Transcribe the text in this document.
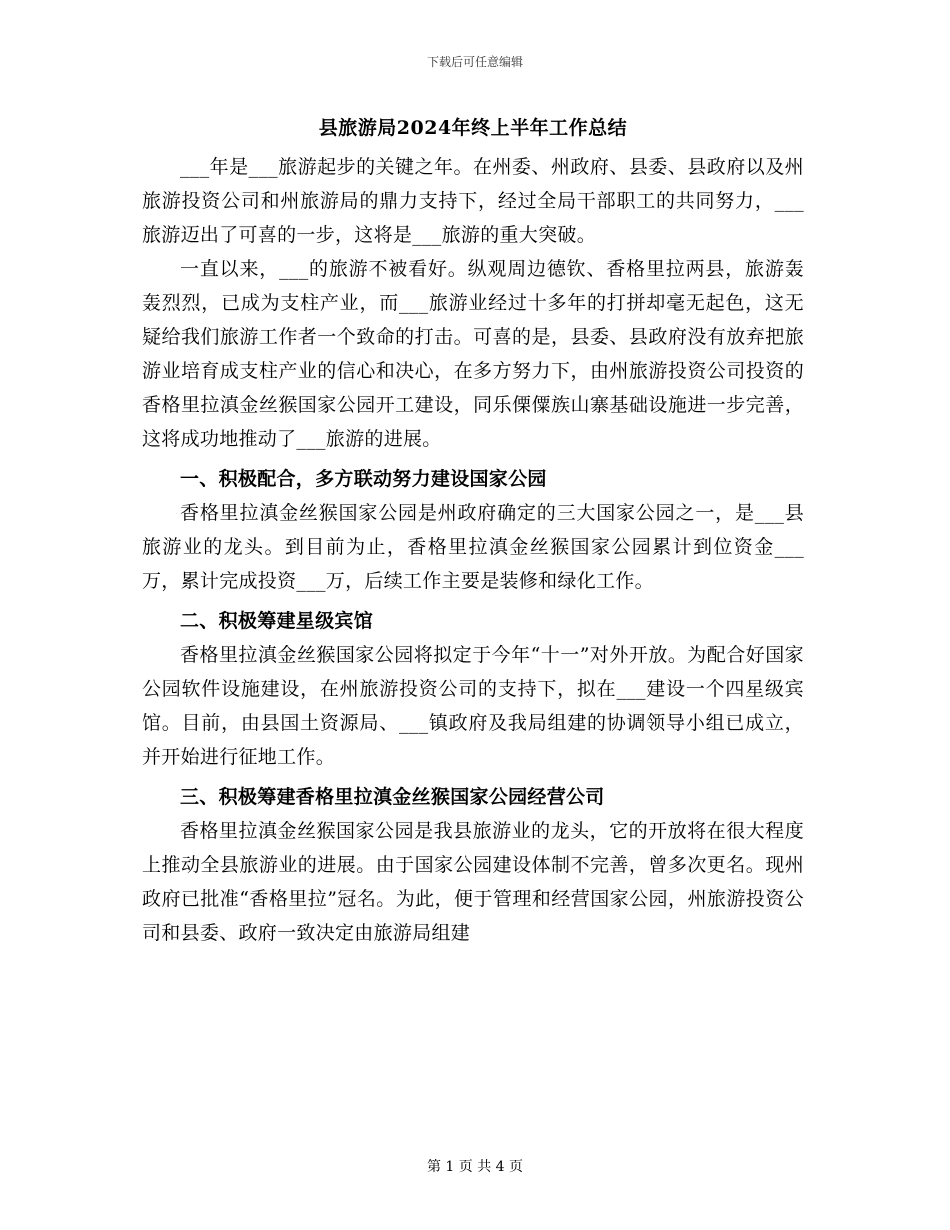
下载后可任意编辑
县旅游局2024年终上半年工作总结

___年是___旅游起步的关键之年。在州委、州政府、县委、县政府以及州旅游投资公司和州旅游局的鼎力支持下，经过全局干部职工的共同努力，___旅游迈出了可喜的一步，这将是___旅游的重大突破。

一直以来，___的旅游不被看好。纵观周边德钦、香格里拉两县，旅游轰轰烈烈，已成为支柱产业，而___旅游业经过十多年的打拼却毫无起色，这无疑给我们旅游工作者一个致命的打击。可喜的是，县委、县政府没有放弃把旅游业培育成支柱产业的信心和决心，在多方努力下，由州旅游投资公司投资的香格里拉滇金丝猴国家公园开工建设，同乐傈僳族山寨基础设施进一步完善，这将成功地推动了___旅游的进展。

一、积极配合，多方联动努力建设国家公园

香格里拉滇金丝猴国家公园是州政府确定的三大国家公园之一，是___县旅游业的龙头。到目前为止，香格里拉滇金丝猴国家公园累计到位资金___万，累计完成投资___万，后续工作主要是装修和绿化工作。

二、积极筹建星级宾馆

香格里拉滇金丝猴国家公园将拟定于今年“十一”对外开放。为配合好国家公园软件设施建设，在州旅游投资公司的支持下，拟在___建设一个四星级宾馆。目前，由县国土资源局、___镇政府及我局组建的协调领导小组已成立，并开始进行征地工作。

三、积极筹建香格里拉滇金丝猴国家公园经营公司

香格里拉滇金丝猴国家公园是我县旅游业的龙头，它的开放将在很大程度上推动全县旅游业的进展。由于国家公园建设体制不完善，曾多次更名。现州政府已批准“香格里拉”冠名。为此，便于管理和经营国家公园，州旅游投资公司和县委、政府一致决定由旅游局组建

第 1 页 共 4 页
